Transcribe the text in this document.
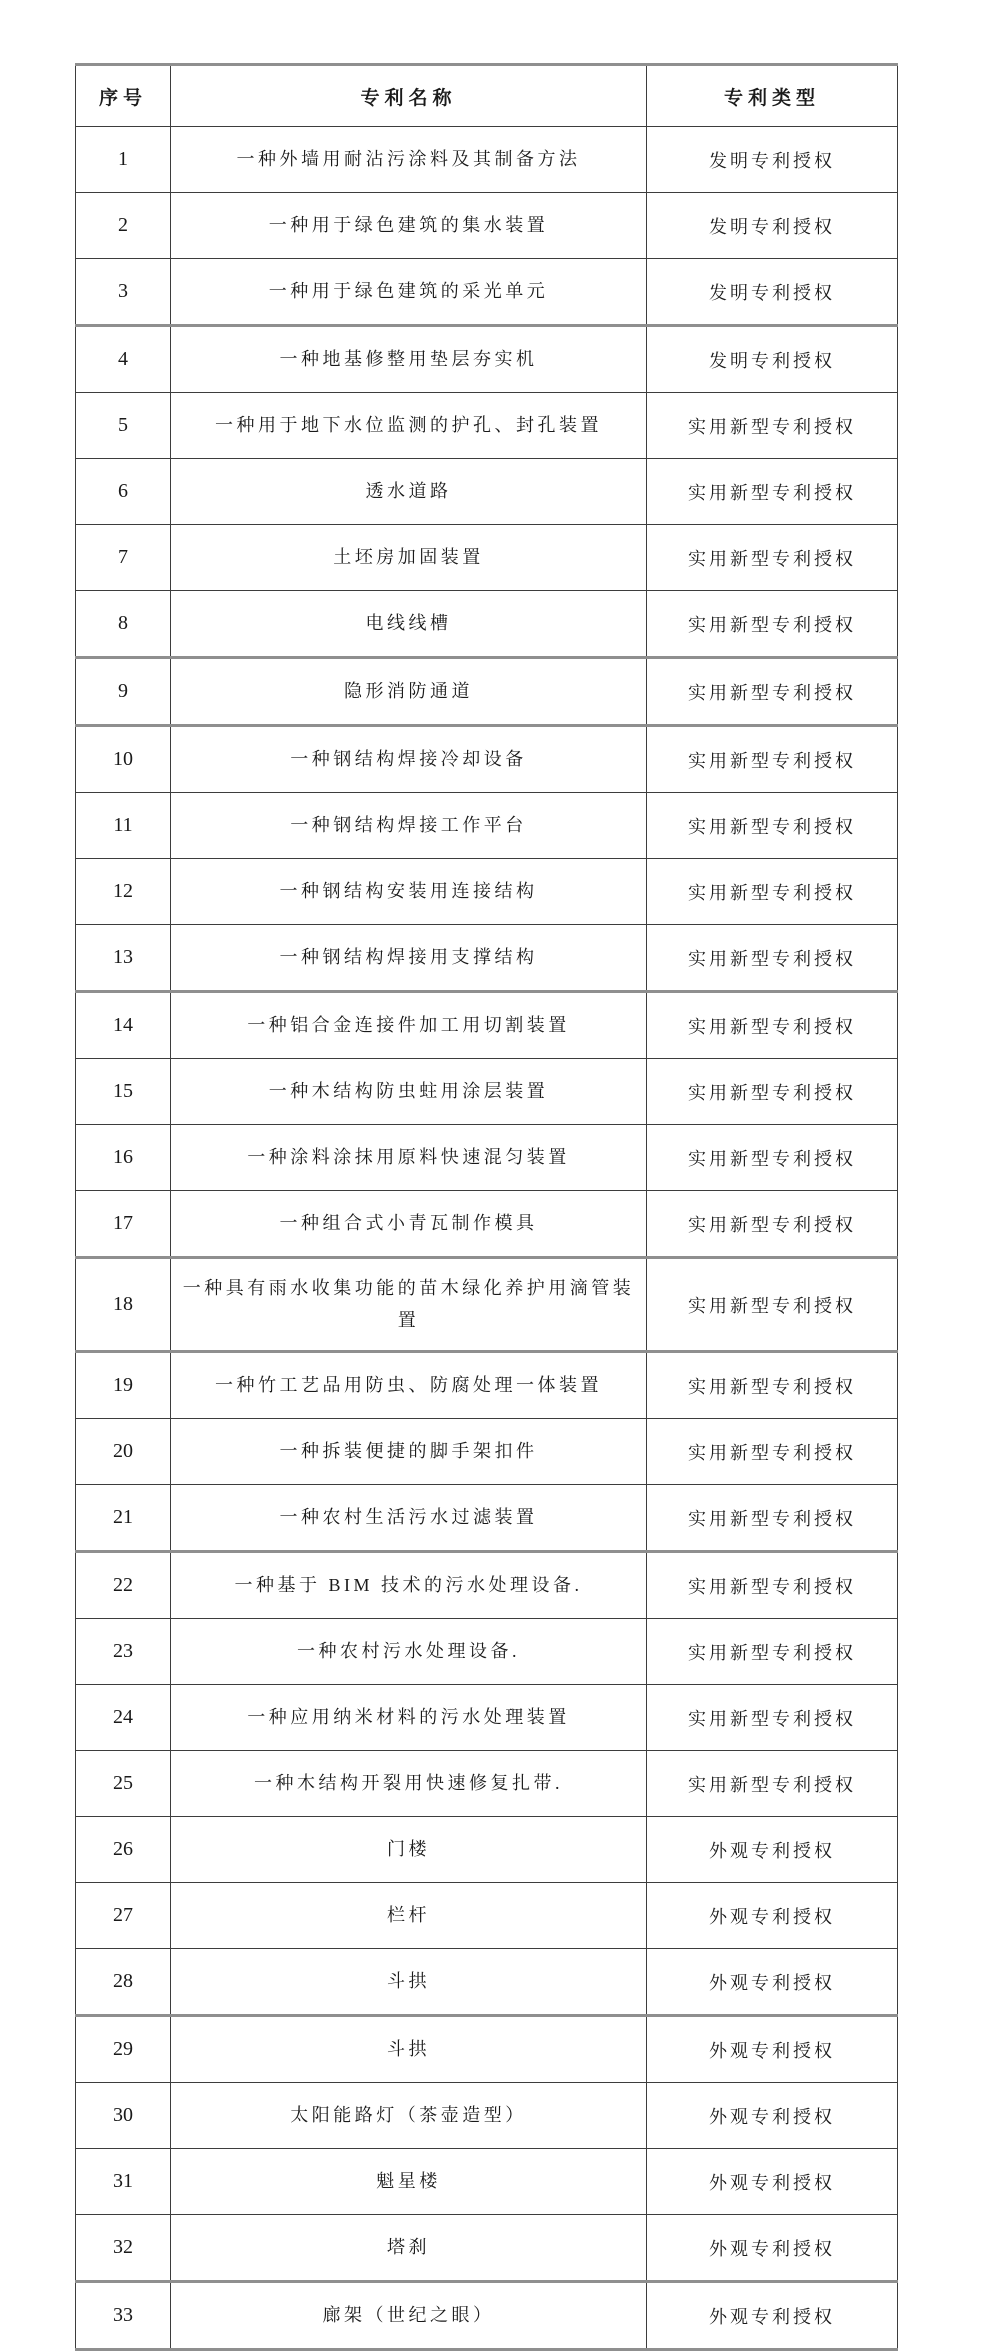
序号	专利名称	专利类型
1	一种外墙用耐沾污涂料及其制备方法	发明专利授权
2	一种用于绿色建筑的集水装置	发明专利授权
3	一种用于绿色建筑的采光单元	发明专利授权
4	一种地基修整用垫层夯实机	发明专利授权
5	一种用于地下水位监测的护孔、封孔装置	实用新型专利授权
6	透水道路	实用新型专利授权
7	土坯房加固装置	实用新型专利授权
8	电线线槽	实用新型专利授权
9	隐形消防通道	实用新型专利授权
10	一种钢结构焊接冷却设备	实用新型专利授权
11	一种钢结构焊接工作平台	实用新型专利授权
12	一种钢结构安装用连接结构	实用新型专利授权
13	一种钢结构焊接用支撑结构	实用新型专利授权
14	一种铝合金连接件加工用切割装置	实用新型专利授权
15	一种木结构防虫蛀用涂层装置	实用新型专利授权
16	一种涂料涂抹用原料快速混匀装置	实用新型专利授权
17	一种组合式小青瓦制作模具	实用新型专利授权
18	一种具有雨水收集功能的苗木绿化养护用滴管装置	实用新型专利授权
19	一种竹工艺品用防虫、防腐处理一体装置	实用新型专利授权
20	一种拆装便捷的脚手架扣件	实用新型专利授权
21	一种农村生活污水过滤装置	实用新型专利授权
22	一种基于 BIM 技术的污水处理设备.	实用新型专利授权
23	一种农村污水处理设备.	实用新型专利授权
24	一种应用纳米材料的污水处理装置	实用新型专利授权
25	一种木结构开裂用快速修复扎带.	实用新型专利授权
26	门楼	外观专利授权
27	栏杆	外观专利授权
28	斗拱	外观专利授权
29	斗拱	外观专利授权
30	太阳能路灯（茶壶造型）	外观专利授权
31	魁星楼	外观专利授权
32	塔刹	外观专利授权
33	廊架（世纪之眼）	外观专利授权
